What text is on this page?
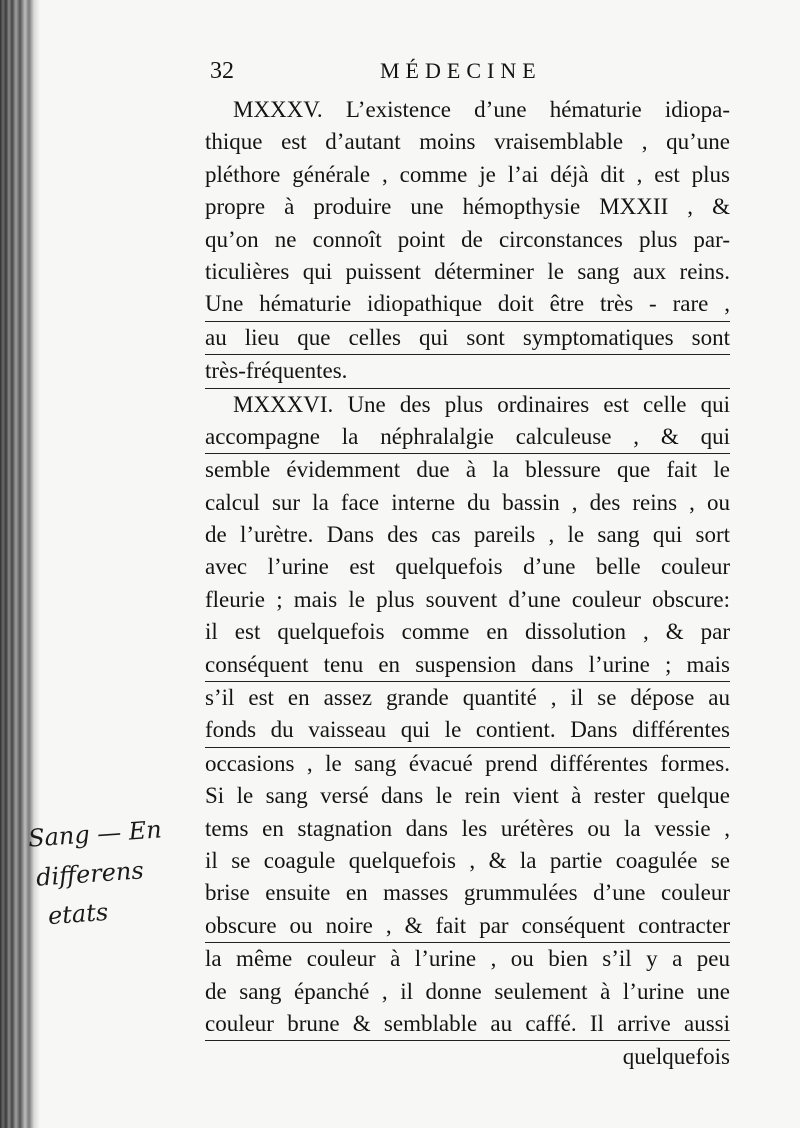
32	MÉDECINE
MXXXV. L’existence d’une hématurie idiopa-
thique est d’autant moins vraisemblable , qu’une
pléthore générale , comme je l’ai déjà dit , est plus
propre à produire une hémopthysie MXXII , &
qu’on ne connoît point de circonstances plus par-
ticulières qui puissent déterminer le sang aux reins.
Une hématurie idiopathique doit être très - rare ,
au lieu que celles qui sont symptomatiques sont
très-fréquentes.
MXXXVI. Une des plus ordinaires est celle qui
accompagne la néphralalgie calculeuse , & qui
semble évidemment due à la blessure que fait le
calcul sur la face interne du bassin , des reins , ou
de l’urètre. Dans des cas pareils , le sang qui sort
avec l’urine est quelquefois d’une belle couleur
fleurie ; mais le plus souvent d’une couleur obscure:
il est quelquefois comme en dissolution , & par
conséquent tenu en suspension dans l’urine ; mais
s’il est en assez grande quantité , il se dépose au
fonds du vaisseau qui le contient. Dans différentes
occasions , le sang évacué prend différentes formes.
Si le sang versé dans le rein vient à rester quelque
tems en stagnation dans les urétères ou la vessie ,
il se coagule quelquefois , & la partie coagulée se
brise ensuite en masses grummulées d’une couleur
obscure ou noire , & fait par conséquent contracter
la même couleur à l’urine , ou bien s’il y a peu
de sang épanché , il donne seulement à l’urine une
couleur brune & semblable au caffé. Il arrive aussi
quelquefois
Sang — En
differens
etats
